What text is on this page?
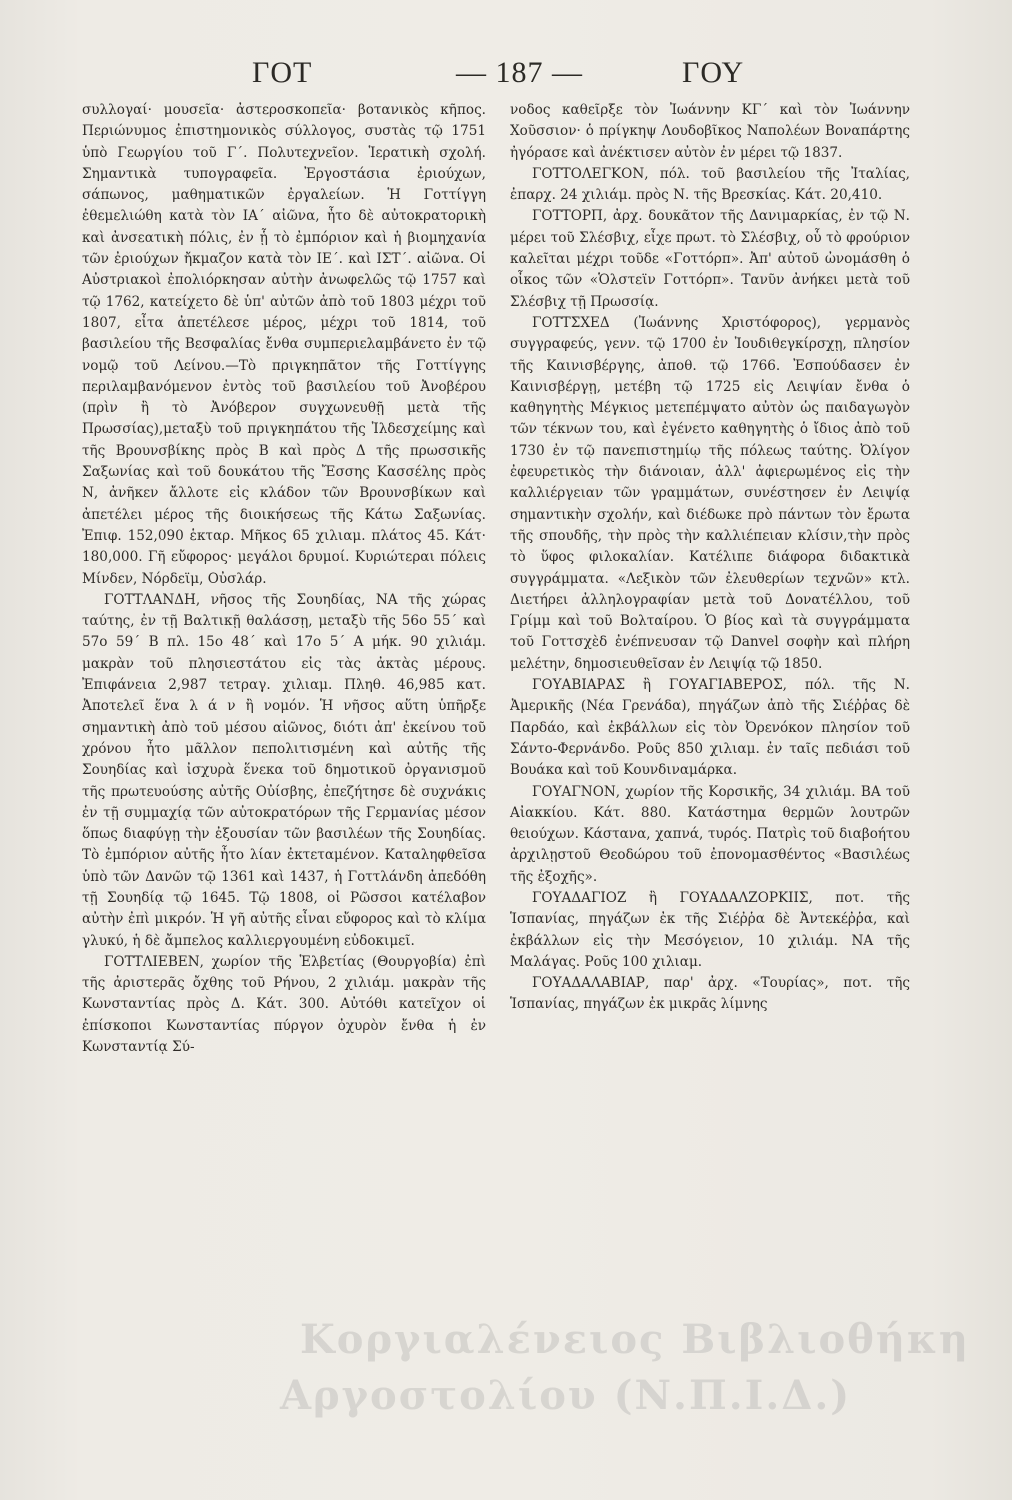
ΓΟΤ	— 187 —	ΓΟΥ

συλλογαί· μουσεῖα· ἀστεροσκοπεῖα· βοτανικὸς κῆπος. Περιώνυμος ἐπιστημονικὸς σύλλογος, συστὰς τῷ 1751 ὑπὸ Γεωργίου τοῦ Γ΄. Πολυτεχνεῖον. Ἱερατικὴ σχολή. Σημαντικὰ τυπογραφεῖα. Ἐργοστάσια ἐριούχων, σάπωνος, μαθηματικῶν ἐργαλείων. Ἡ Γοττίγγη ἐθεμελιώθη κατὰ τὸν ΙΑ΄ αἰῶνα, ἦτο δὲ αὐτοκρατορικὴ καὶ ἀνσεατικὴ πόλις, ἐν ᾗ τὸ ἐμπόριον καὶ ἡ βιομηχανία τῶν ἐριούχων ἤκμαζον κατὰ τὸν ΙΕ΄. καὶ ΙΣΤ΄. αἰῶνα. Οἱ Αὐστριακοὶ ἐπολιόρκησαν αὐτὴν ἀνωφελῶς τῷ 1757 καὶ τῷ 1762, κατείχετο δὲ ὑπ' αὐτῶν ἀπὸ τοῦ 1803 μέχρι τοῦ 1807, εἶτα ἀπετέλεσε μέρος, μέχρι τοῦ 1814, τοῦ βασιλείου τῆς Βεσφαλίας ἔνθα συμπεριελαμβάνετο ἐν τῷ νομῷ τοῦ Λείνου.—Τὸ πριγκηπᾶτον τῆς Γοττίγγης περιλαμβανόμενον ἐντὸς τοῦ βασιλείου τοῦ Ἀνοβέρου (πρὶν ἢ τὸ Ἀνόβερον συγχωνευθῇ μετὰ τῆς Πρωσσίας),μεταξὺ τοῦ πριγκηπάτου τῆς Ἰλδεσχείμης καὶ τῆς Βρουνσβίκης πρὸς Β καὶ πρὸς Δ τῆς πρωσσικῆς Σαξωνίας καὶ τοῦ δουκάτου τῆς Ἔσσης Κασσέλης πρὸς Ν, ἀνῆκεν ἄλλοτε εἰς κλάδον τῶν Βρουνσβίκων καὶ ἀπετέλει μέρος τῆς διοικήσεως τῆς Κάτω Σαξωνίας. Ἐπιφ. 152,090 ἑκταρ. Μῆκος 65 χιλιαμ. πλάτος 45. Κάτ· 180,000. Γῆ εὔφορος· μεγάλοι δρυμοί. Κυριώτεραι πόλεις Μίνδεν, Νόρδεϊμ, Οὐσλάρ.

ΓΟΤΤΛΑΝΔΗ, νῆσος τῆς Σουηδίας, ΝΑ τῆς χώρας ταύτης, ἐν τῇ Βαλτικῇ θαλάσσῃ, μεταξὺ τῆς 56ο 55΄ καὶ 57ο 59΄ Β πλ. 15ο 48΄ καὶ 17ο 5΄ Α μήκ. 90 χιλιάμ. μακρὰν τοῦ πλησιεστάτου εἰς τὰς ἀκτὰς μέρους. Ἐπιφάνεια 2,987 τετραγ. χιλιαμ. Πληθ. 46,985 κατ. Ἀποτελεῖ ἕνα λ ά ν ἢ νομόν. Ἡ νῆσος αὕτη ὑπῆρξε σημαντικὴ ἀπὸ τοῦ μέσου αἰῶνος, διότι ἀπ' ἐκείνου τοῦ χρόνου ἦτο μᾶλλον πεπολιτισμένη καὶ αὐτῆς τῆς Σουηδίας καὶ ἰσχυρὰ ἕνεκα τοῦ δημοτικοῦ ὀργανισμοῦ τῆς πρωτευούσης αὐτῆς Οὐίσβης, ἐπεζήτησε δὲ συχνάκις ἐν τῇ συμμαχίᾳ τῶν αὐτοκρατόρων τῆς Γερμανίας μέσον ὅπως διαφύγῃ τὴν ἐξουσίαν τῶν βασιλέων τῆς Σουηδίας. Τὸ ἐμπόριον αὐτῆς ἦτο λίαν ἐκτεταμένον. Καταληφθεῖσα ὑπὸ τῶν Δανῶν τῷ 1361 καὶ 1437, ἡ Γοττλάνδη ἀπεδόθη τῇ Σουηδίᾳ τῷ 1645. Τῷ 1808, οἱ Ρῶσσοι κατέλαβον αὐτὴν ἐπὶ μικρόν. Ἡ γῆ αὐτῆς εἶναι εὔφορος καὶ τὸ κλίμα γλυκύ, ἡ δὲ ἄμπελος καλλιεργουμένη εὐδοκιμεῖ.

ΓΟΤΤΛΙΕΒΕΝ, χωρίον τῆς Ἑλβετίας (Θουργοβία) ἐπὶ τῆς ἀριστερᾶς ὄχθης τοῦ Ρήνου, 2 χιλιάμ. μακρὰν τῆς Κωνσταντίας πρὸς Δ. Κάτ. 300. Αὐτόθι κατεῖχον οἱ ἐπίσκοποι Κωνσταντίας πύργον ὀχυρὸν ἔνθα ἡ ἐν Κωνσταντίᾳ Σύ-

νοδος καθεῖρξε τὸν Ἰωάννην ΚΓ΄ καὶ τὸν Ἰωάννην Χοῦσσιον· ὁ πρίγκηψ Λουδοβῖκος Ναπολέων Βοναπάρτης ἠγόρασε καὶ ἀνέκτισεν αὐτὸν ἐν μέρει τῷ 1837.

ΓΟΤΤΟΛΕΓΚΟΝ, πόλ. τοῦ βασιλείου τῆς Ἰταλίας, ἐπαρχ. 24 χιλιάμ. πρὸς Ν. τῆς Βρεσκίας. Κάτ. 20,410.

ΓΟΤΤΟΡΠ, ἀρχ. δουκᾶτον τῆς Δανιμαρκίας, ἐν τῷ Ν. μέρει τοῦ Σλέσβιχ, εἶχε πρωτ. τὸ Σλέσβιχ, οὗ τὸ φρούριον καλεῖται μέχρι τοῦδε «Γοττόρπ». Ἀπ' αὐτοῦ ὠνομάσθη ὁ οἶκος τῶν «Ὁλστεϊν Γοττόρπ». Τανῦν ἀνήκει μετὰ τοῦ Σλέσβιχ τῇ Πρωσσίᾳ.

ΓΟΤΤΣΧΕΔ (Ἰωάννης Χριστόφορος), γερμανὸς συγγραφεύς, γενν. τῷ 1700 ἐν Ἰουδιθεγκίρσχῃ, πλησίον τῆς Καινισβέργης, ἀποθ. τῷ 1766. Ἐσπούδασεν ἐν Καινισβέργῃ, μετέβη τῷ 1725 εἰς Λειψίαν ἔνθα ὁ καθηγητὴς Μέγκιος μετεπέμψατο αὐτὸν ὡς παιδαγωγὸν τῶν τέκνων του, καὶ ἐγένετο καθηγητὴς ὁ ἴδιος ἀπὸ τοῦ 1730 ἐν τῷ πανεπιστημίῳ τῆς πόλεως ταύτης. Ὀλίγον ἐφευρετικὸς τὴν διάνοιαν, ἀλλ' ἀφιερωμένος εἰς τὴν καλλιέργειαν τῶν γραμμάτων, συνέστησεν ἐν Λειψίᾳ σημαντικὴν σχολήν, καὶ διέδωκε πρὸ πάντων τὸν ἔρωτα τῆς σπουδῆς, τὴν πρὸς τὴν καλλιέπειαν κλίσιν,τὴν πρὸς τὸ ὕφος φιλοκαλίαν. Κατέλιπε διάφορα διδακτικὰ συγγράμματα. «Λεξικὸν τῶν ἐλευθερίων τεχνῶν» κτλ. Διετήρει ἀλληλογραφίαν μετὰ τοῦ Δονατέλλου, τοῦ Γρίμμ καὶ τοῦ Βολταίρου. Ὁ βίος καὶ τὰ συγγράμματα τοῦ Γοττσχὲδ ἐνέπνευσαν τῷ Danvel σοφὴν καὶ πλήρη μελέτην, δημοσιευθεῖσαν ἐν Λειψίᾳ τῷ 1850.

ΓΟΥΑΒΙΑΡΑΣ ἢ ΓΟΥΑΓΙΑΒΕΡΟΣ, πόλ. τῆς Ν. Ἀμερικῆς (Νέα Γρενάδα), πηγάζων ἀπὸ τῆς Σιέῤῥας δὲ Παρδάο, καὶ ἐκβάλλων εἰς τὸν Ὀρενόκον πλησίον τοῦ Σάντο-Φερνάνδο. Ροῦς 850 χιλιαμ. ἐν ταῖς πεδιάσι τοῦ Βουάκα καὶ τοῦ Κουνδιναμάρκα.

ΓΟΥΑΓΝΟΝ, χωρίον τῆς Κορσικῆς, 34 χιλιάμ. ΒΑ τοῦ Αἰακκίου. Κάτ. 880. Κατάστημα θερμῶν λουτρῶν θειούχων. Κάστανα, χαπνά, τυρός. Πατρὶς τοῦ διαβοήτου ἀρχιλῃστοῦ Θεοδώρου τοῦ ἐπονομασθέντος «Βασιλέως τῆς ἐξοχῆς».

ΓΟΥΑΔΑΓΙΟΖ ἢ ΓΟΥΑΔΑΛΖΟΡΚΙΙΣ, ποτ. τῆς Ἱσπανίας, πηγάζων ἐκ τῆς Σιέῤῥα δὲ Ἀντεκέῤῥα, καὶ ἐκβάλλων εἰς τὴν Μεσόγειον, 10 χιλιάμ. ΝΑ τῆς Μαλάγας. Ροῦς 100 χιλιαμ.

ΓΟΥΑΔΑΛΑΒΙΑΡ, παρ' ἀρχ. «Τουρίας», ποτ. τῆς Ἱσπανίας, πηγάζων ἐκ μικρᾶς λίμνης

Κοργιαλένειος Βιβλιοθήκη
Αργοστολίου (Ν.Π.Ι.Δ.)
